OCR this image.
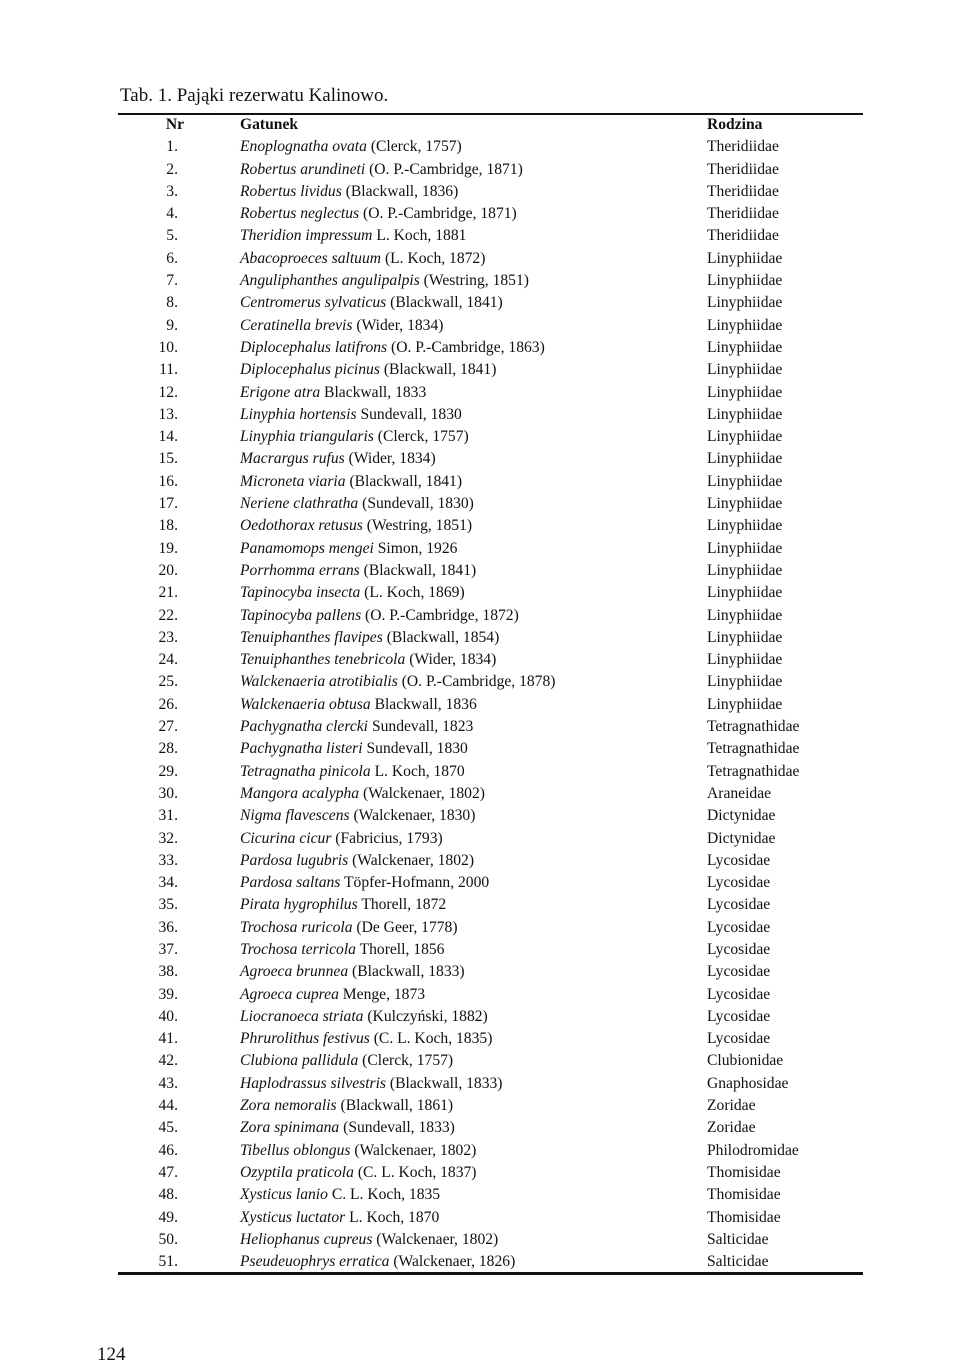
Tab. 1. Pająki rezerwatu Kalinowo.
Nr	Gatunek	Rodzina
1.	Enoplognatha ovata (Clerck, 1757)	Theridiidae
2.	Robertus arundineti (O. P.-Cambridge, 1871)	Theridiidae
3.	Robertus lividus (Blackwall, 1836)	Theridiidae
4.	Robertus neglectus (O. P.-Cambridge, 1871)	Theridiidae
5.	Theridion impressum L. Koch, 1881	Theridiidae
6.	Abacoproeces saltuum (L. Koch, 1872)	Linyphiidae
7.	Anguliphanthes angulipalpis (Westring, 1851)	Linyphiidae
8.	Centromerus sylvaticus (Blackwall, 1841)	Linyphiidae
9.	Ceratinella brevis (Wider, 1834)	Linyphiidae
10.	Diplocephalus latifrons (O. P.-Cambridge, 1863)	Linyphiidae
11.	Diplocephalus picinus (Blackwall, 1841)	Linyphiidae
12.	Erigone atra Blackwall, 1833	Linyphiidae
13.	Linyphia hortensis Sundevall, 1830	Linyphiidae
14.	Linyphia triangularis (Clerck, 1757)	Linyphiidae
15.	Macrargus rufus (Wider, 1834)	Linyphiidae
16.	Microneta viaria (Blackwall, 1841)	Linyphiidae
17.	Neriene clathratha (Sundevall, 1830)	Linyphiidae
18.	Oedothorax retusus (Westring, 1851)	Linyphiidae
19.	Panamomops mengei Simon, 1926	Linyphiidae
20.	Porrhomma errans (Blackwall, 1841)	Linyphiidae
21.	Tapinocyba insecta (L. Koch, 1869)	Linyphiidae
22.	Tapinocyba pallens (O. P.-Cambridge, 1872)	Linyphiidae
23.	Tenuiphanthes flavipes (Blackwall, 1854)	Linyphiidae
24.	Tenuiphanthes tenebricola (Wider, 1834)	Linyphiidae
25.	Walckenaeria atrotibialis (O. P.-Cambridge, 1878)	Linyphiidae
26.	Walckenaeria obtusa Blackwall, 1836	Linyphiidae
27.	Pachygnatha clercki Sundevall, 1823	Tetragnathidae
28.	Pachygnatha listeri Sundevall, 1830	Tetragnathidae
29.	Tetragnatha pinicola L. Koch, 1870	Tetragnathidae
30.	Mangora acalypha (Walckenaer, 1802)	Araneidae
31.	Nigma flavescens (Walckenaer, 1830)	Dictynidae
32.	Cicurina cicur (Fabricius, 1793)	Dictynidae
33.	Pardosa lugubris (Walckenaer, 1802)	Lycosidae
34.	Pardosa saltans Töpfer-Hofmann, 2000	Lycosidae
35.	Pirata hygrophilus Thorell, 1872	Lycosidae
36.	Trochosa ruricola (De Geer, 1778)	Lycosidae
37.	Trochosa terricola Thorell, 1856	Lycosidae
38.	Agroeca brunnea (Blackwall, 1833)	Lycosidae
39.	Agroeca cuprea Menge, 1873	Lycosidae
40.	Liocranoeca striata (Kulczyński, 1882)	Lycosidae
41.	Phrurolithus festivus (C. L. Koch, 1835)	Lycosidae
42.	Clubiona pallidula (Clerck, 1757)	Clubionidae
43.	Haplodrassus silvestris (Blackwall, 1833)	Gnaphosidae
44.	Zora nemoralis (Blackwall, 1861)	Zoridae
45.	Zora spinimana (Sundevall, 1833)	Zoridae
46.	Tibellus oblongus (Walckenaer, 1802)	Philodromidae
47.	Ozyptila praticola (C. L. Koch, 1837)	Thomisidae
48.	Xysticus lanio C. L. Koch, 1835	Thomisidae
49.	Xysticus luctator L. Koch, 1870	Thomisidae
50.	Heliophanus cupreus (Walckenaer, 1802)	Salticidae
51.	Pseudeuophrys erratica (Walckenaer, 1826)	Salticidae
124
